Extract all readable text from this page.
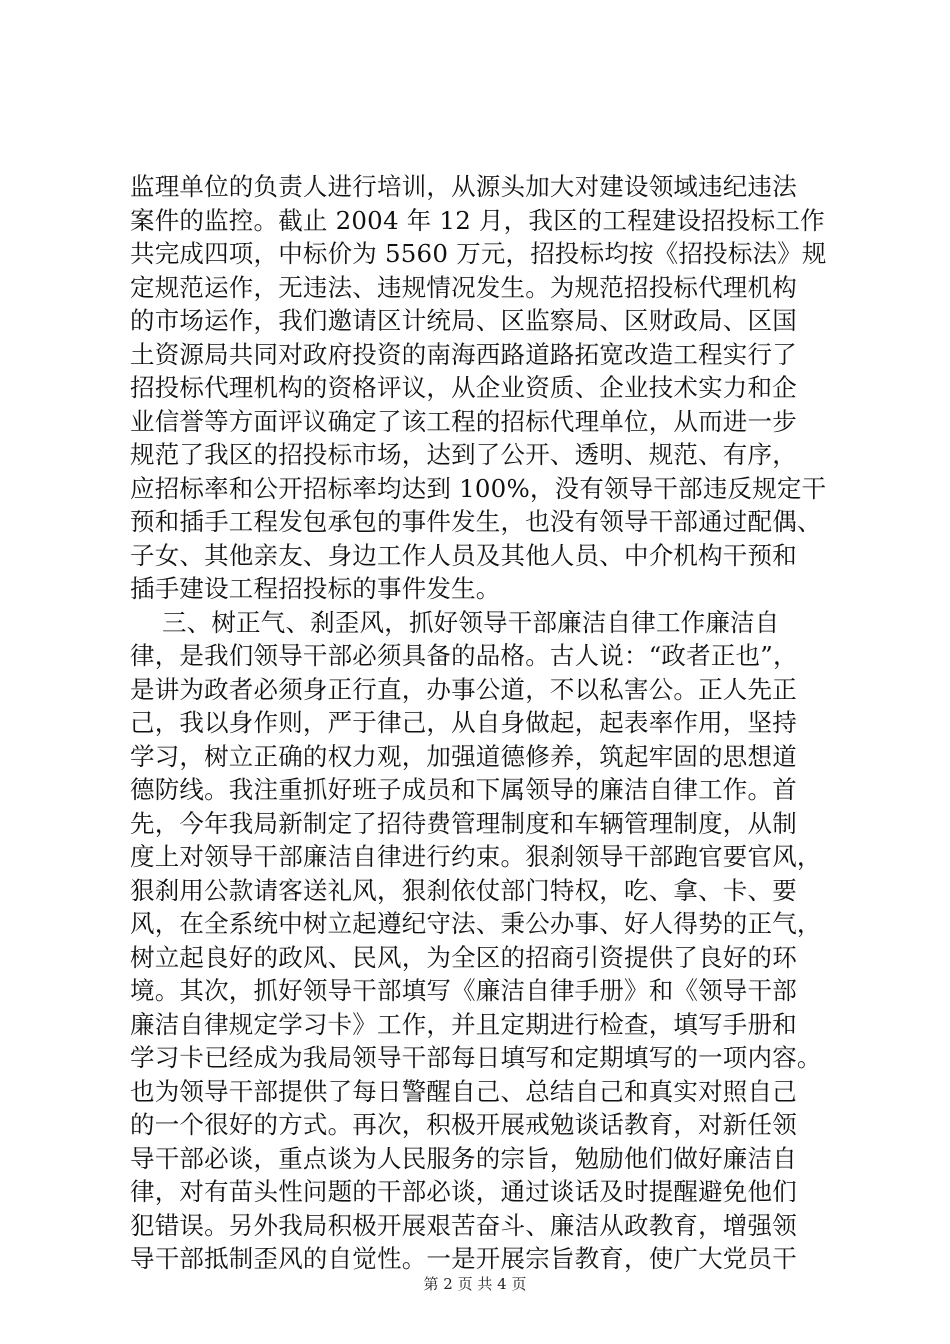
监理单位的负责人进行培训，从源头加大对建设领域违纪违法
案件的监控。截止 2004 年 12 月，我区的工程建设招投标工作
共完成四项，中标价为 5560 万元，招投标均按《招投标法》规
定规范运作，无违法、违规情况发生。为规范招投标代理机构
的市场运作，我们邀请区计统局、区监察局、区财政局、区国
土资源局共同对政府投资的南海西路道路拓宽改造工程实行了
招投标代理机构的资格评议，从企业资质、企业技术实力和企
业信誉等方面评议确定了该工程的招标代理单位，从而进一步
规范了我区的招投标市场，达到了公开、透明、规范、有序，
应招标率和公开招标率均达到 100%，没有领导干部违反规定干
预和插手工程发包承包的事件发生，也没有领导干部通过配偶、
子女、其他亲友、身边工作人员及其他人员、中介机构干预和
插手建设工程招投标的事件发生。
三、树正气、刹歪风，抓好领导干部廉洁自律工作廉洁自
律，是我们领导干部必须具备的品格。古人说：“政者正也”，
是讲为政者必须身正行直，办事公道，不以私害公。正人先正
己，我以身作则，严于律己，从自身做起，起表率作用，坚持
学习，树立正确的权力观，加强道德修养，筑起牢固的思想道
德防线。我注重抓好班子成员和下属领导的廉洁自律工作。首
先，今年我局新制定了招待费管理制度和车辆管理制度，从制
度上对领导干部廉洁自律进行约束。狠刹领导干部跑官要官风，
狠刹用公款请客送礼风，狠刹依仗部门特权，吃、拿、卡、要
风，在全系统中树立起遵纪守法、秉公办事、好人得势的正气，
树立起良好的政风、民风，为全区的招商引资提供了良好的环
境。其次，抓好领导干部填写《廉洁自律手册》和《领导干部
廉洁自律规定学习卡》工作，并且定期进行检查，填写手册和
学习卡已经成为我局领导干部每日填写和定期填写的一项内容。
也为领导干部提供了每日警醒自己、总结自己和真实对照自己
的一个很好的方式。再次，积极开展戒勉谈话教育，对新任领
导干部必谈，重点谈为人民服务的宗旨，勉励他们做好廉洁自
律，对有苗头性问题的干部必谈，通过谈话及时提醒避免他们
犯错误。另外我局积极开展艰苦奋斗、廉洁从政教育，增强领
导干部抵制歪风的自觉性。一是开展宗旨教育，使广大党员干
第 2 页 共 4 页
